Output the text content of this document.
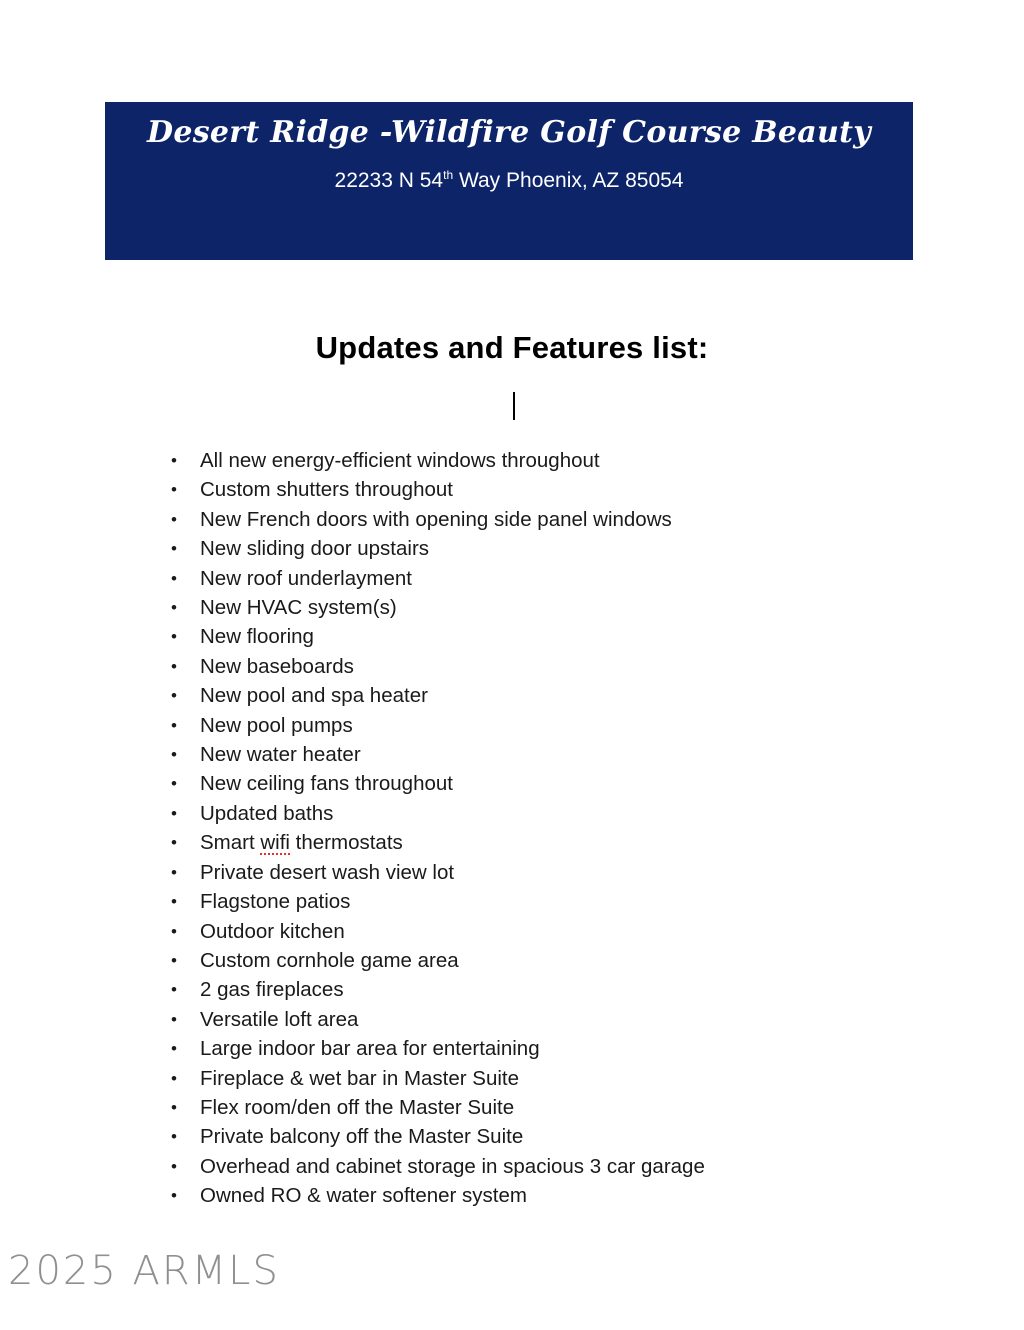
Desert Ridge -Wildfire Golf Course Beauty
22233 N 54th Way Phoenix, AZ 85054
Updates and Features list:
• All new energy-efficient windows throughout
• Custom shutters throughout
• New French doors with opening side panel windows
• New sliding door upstairs
• New roof underlayment
• New HVAC system(s)
• New flooring
• New baseboards
• New pool and spa heater
• New pool pumps
• New water heater
• New ceiling fans throughout
• Updated baths
• Smart wifi thermostats
• Private desert wash view lot
• Flagstone patios
• Outdoor kitchen
• Custom cornhole game area
• 2 gas fireplaces
• Versatile loft area
• Large indoor bar area for entertaining
• Fireplace & wet bar in Master Suite
• Flex room/den off the Master Suite
• Private balcony off the Master Suite
• Overhead and cabinet storage in spacious 3 car garage
• Owned RO & water softener system
2025 ARMLS
